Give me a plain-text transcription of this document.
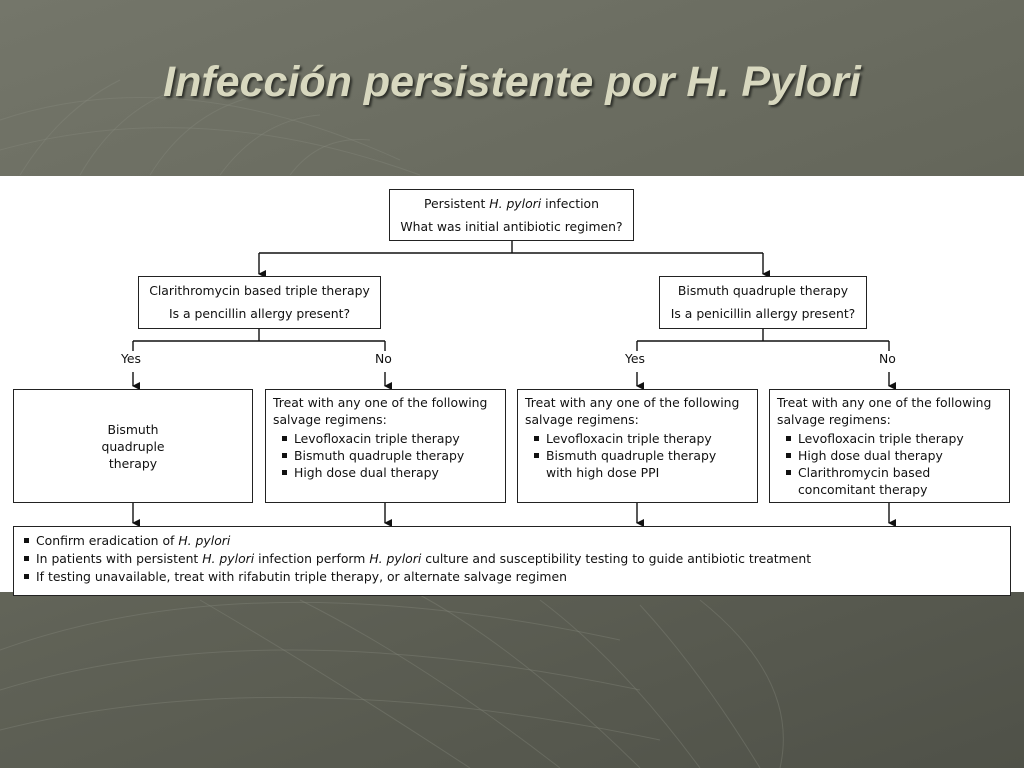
Infección persistente por H. Pylori

Persistent H. pylori infection

What was initial antibiotic regimen?

Clarithromycin based triple therapy

Is a pencillin allergy present?

Bismuth quadruple therapy

Is a penicillin allergy present?

Yes	No	Yes	No

Bismuth quadruple therapy

Treat with any one of the following salvage regimens:

Levofloxacin triple therapy
Bismuth quadruple therapy
High dose dual therapy

Treat with any one of the following salvage regimens:

Levofloxacin triple therapy
Bismuth quadruple therapy with high dose PPI

Treat with any one of the following salvage regimens:

Levofloxacin triple therapy
High dose dual therapy
Clarithromycin based concomitant therapy
Confirm eradication of H. pylori
In patients with persistent H. pylori infection perform H. pylori culture and susceptibility testing to guide antibiotic treatment
If testing unavailable, treat with rifabutin triple therapy, or alternate salvage regimen
